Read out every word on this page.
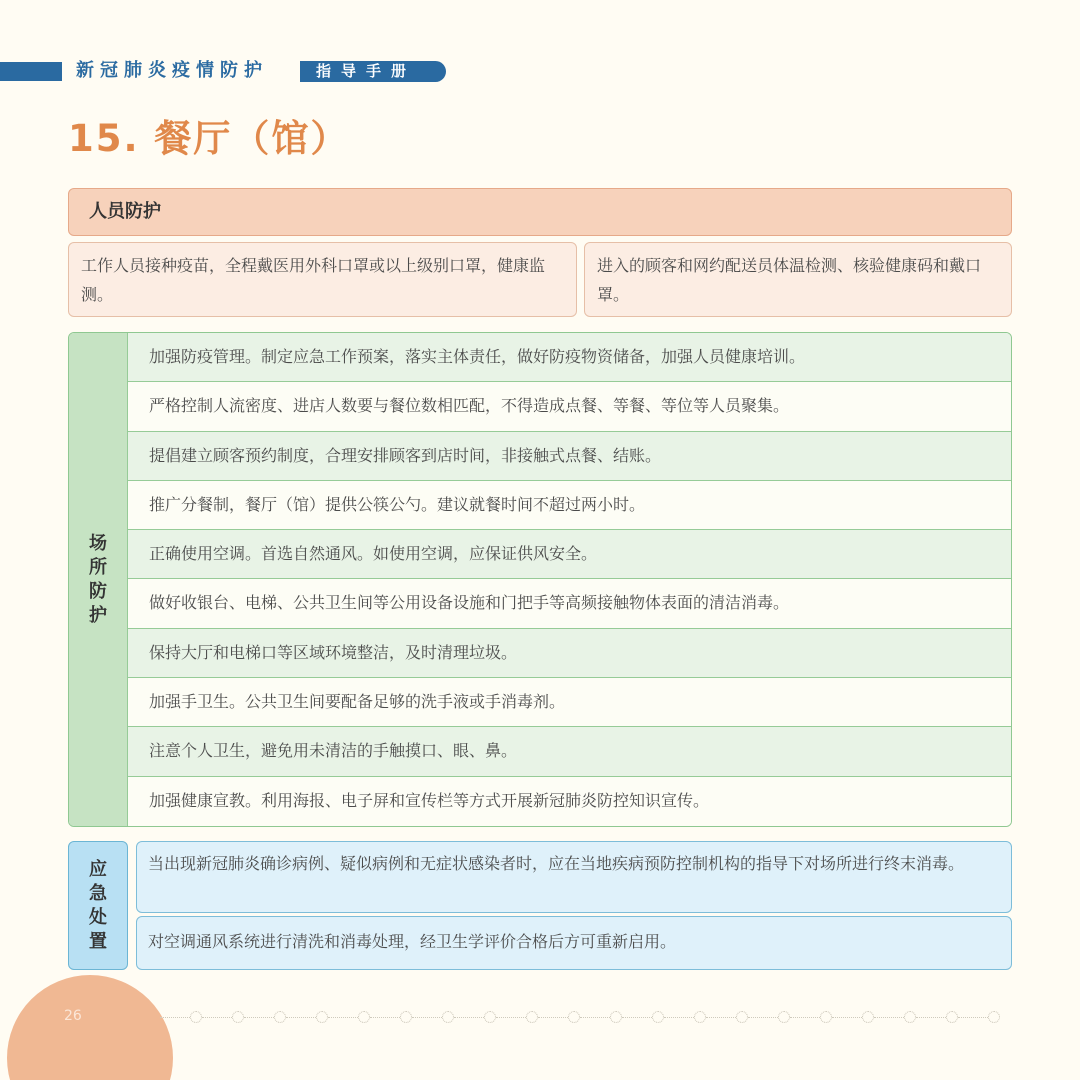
新冠肺炎疫情防护	指导手册
15. 餐厅（馆）
人员防护
工作人员接种疫苗，全程戴医用外科口罩或以上级别口罩，健康监测。
进入的顾客和网约配送员体温检测、核验健康码和戴口罩。
场所防护
加强防疫管理。制定应急工作预案，落实主体责任，做好防疫物资储备，加强人员健康培训。
严格控制人流密度、进店人数要与餐位数相匹配，不得造成点餐、等餐、等位等人员聚集。
提倡建立顾客预约制度，合理安排顾客到店时间，非接触式点餐、结账。
推广分餐制，餐厅（馆）提供公筷公勺。建议就餐时间不超过两小时。
正确使用空调。首选自然通风。如使用空调，应保证供风安全。
做好收银台、电梯、公共卫生间等公用设备设施和门把手等高频接触物体表面的清洁消毒。
保持大厅和电梯口等区域环境整洁，及时清理垃圾。
加强手卫生。公共卫生间要配备足够的洗手液或手消毒剂。
注意个人卫生，避免用未清洁的手触摸口、眼、鼻。
加强健康宣教。利用海报、电子屏和宣传栏等方式开展新冠肺炎防控知识宣传。
应急处置
当出现新冠肺炎确诊病例、疑似病例和无症状感染者时，应在当地疾病预防控制机构的指导下对场所进行终末消毒。
对空调通风系统进行清洗和消毒处理，经卫生学评价合格后方可重新启用。
26
